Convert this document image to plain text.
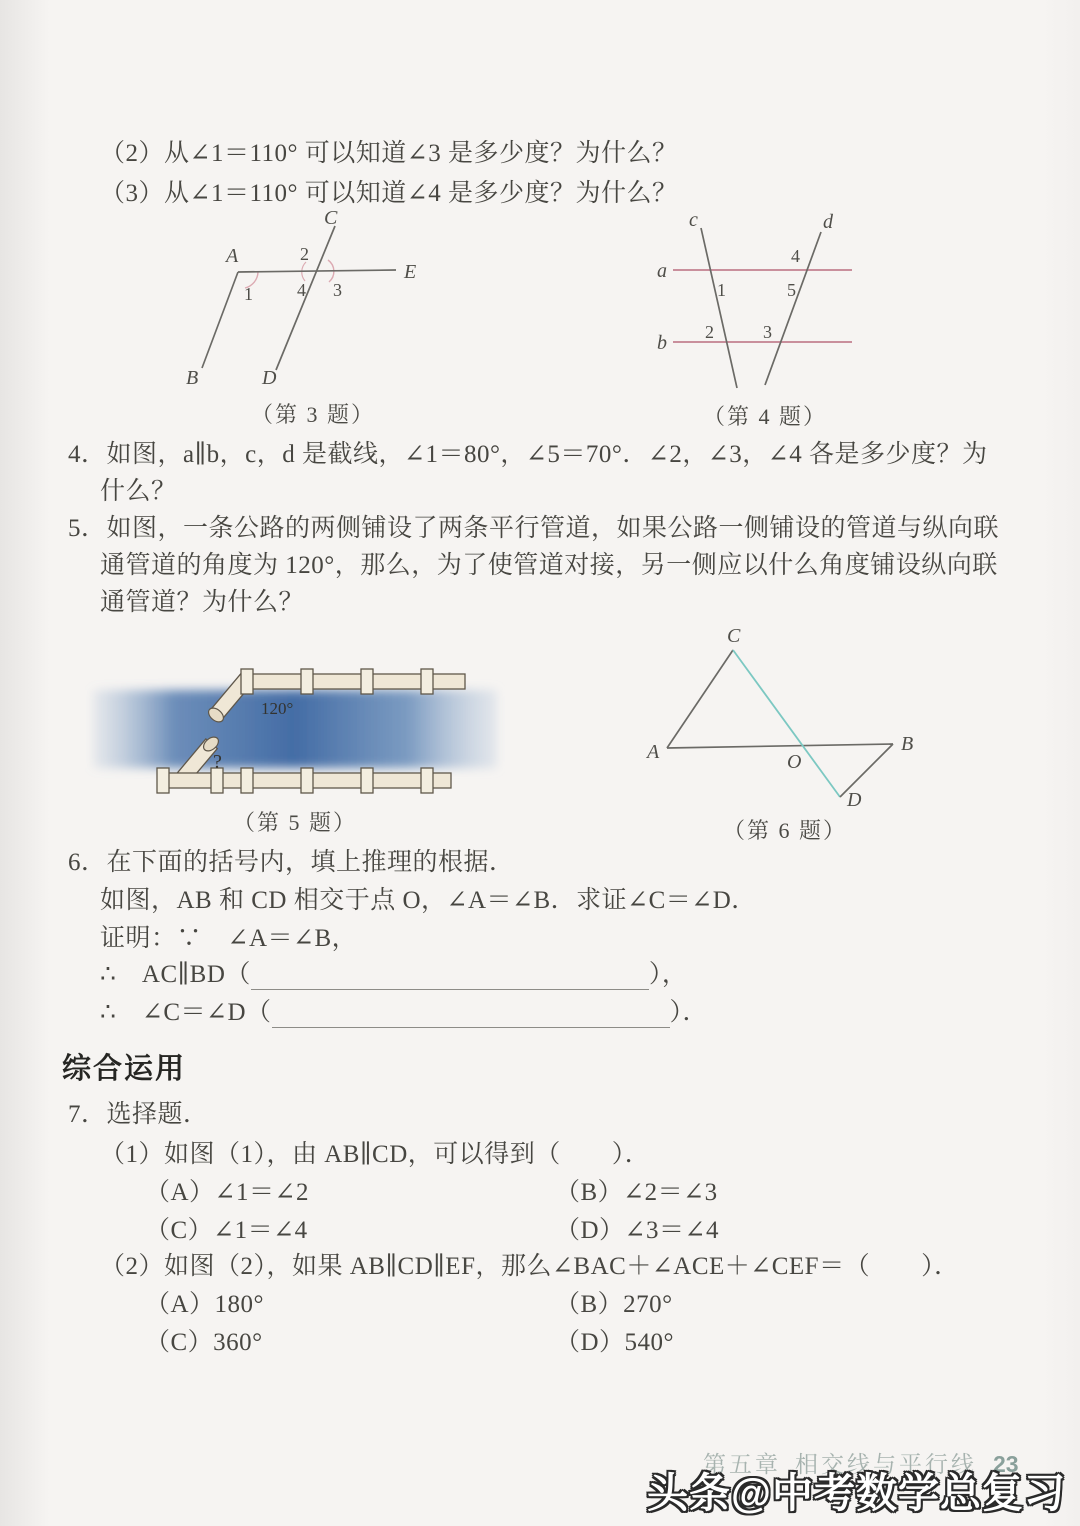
（2）从∠1＝110° 可以知道∠3 是多少度？为什么？
（3）从∠1＝110° 可以知道∠4 是多少度？为什么？
A
B
C
D
E
1
2
3
4
（第 3 题）
a
b
c	d
1
2	3
4
5
（第 4 题）
4．如图，a∥b，c，d 是截线，∠1＝80°，∠5＝70°．∠2，∠3，∠4 各是多少度？为
什么？
5．如图，一条公路的两侧铺设了两条平行管道，如果公路一侧铺设的管道与纵向联
通管道的角度为 120°，那么，为了使管道对接，另一侧应以什么角度铺设纵向联
通管道？为什么？
120°
?
（第 5 题）
A	B
C
D
O
（第 6 题）
6．在下面的括号内，填上推理的根据．
如图，AB 和 CD 相交于点 O，∠A＝∠B．求证∠C＝∠D．
证明：∵　∠A＝∠B，
∴　AC∥BD（	），
∴　∠C＝∠D（	）．
综合运用
7．选择题．
（1）如图（1），由 AB∥CD，可以得到（　　）．
（A）∠1＝∠2	（B）∠2＝∠3
（C）∠1＝∠4	（D）∠3＝∠4
（2）如图（2），如果 AB∥CD∥EF，那么∠BAC＋∠ACE＋∠CEF＝（　　）．
（A）180°	（B）270°
（C）360°	（D）540°
第五章 相交线与平行线 23
头条@中考数学总复习
